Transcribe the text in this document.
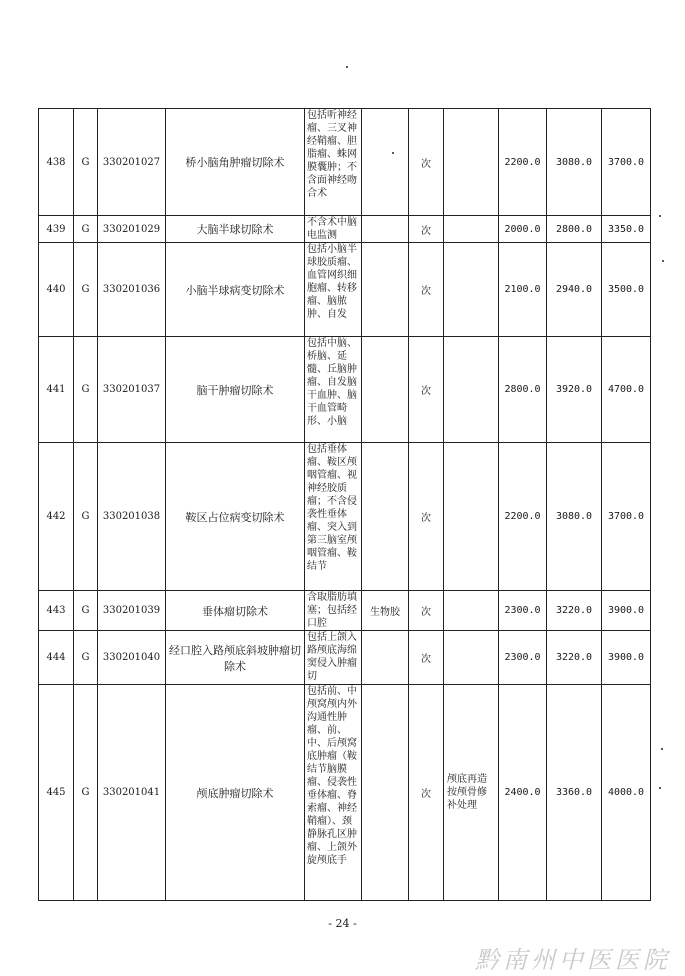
438	G	330201027	桥小脑角肿瘤切除术	包括听神经瘤、三叉神经鞘瘤、胆脂瘤、蛛网膜囊肿；不含面神经吻合术		次		2200.0	3080.0	3700.0
439	G	330201029	大脑半球切除术	不含术中脑电监测		次		2000.0	2800.0	3350.0
440	G	330201036	小脑半球病变切除术	包括小脑半球胶质瘤、血管网织细胞瘤、转移瘤、脑脓肿、自发		次		2100.0	2940.0	3500.0
441	G	330201037	脑干肿瘤切除术	包括中脑、桥脑、延髓、丘脑肿瘤、自发脑干血肿、脑干血管畸形、小脑		次		2800.0	3920.0	4700.0
442	G	330201038	鞍区占位病变切除术	包括垂体瘤、鞍区颅咽管瘤、视神经胶质瘤；不含侵袭性垂体瘤、突入到第三脑室颅咽管瘤、鞍结节		次		2200.0	3080.0	3700.0
443	G	330201039	垂体瘤切除术	含取脂肪填塞；包括经口腔	生物胶	次		2300.0	3220.0	3900.0
444	G	330201040	经口腔入路颅底斜坡肿瘤切除术	包括上颌入路颅底海绵窦侵入肿瘤切		次		2300.0	3220.0	3900.0
445	G	330201041	颅底肿瘤切除术	包括前、中颅窝颅内外沟通性肿瘤、前、中、后颅窝底肿瘤（鞍结节脑膜瘤、侵袭性垂体瘤、脊索瘤、神经鞘瘤）、颈静脉孔区肿瘤、上颌外旋颅底手		次	颅底再造按颅骨修补处理	2400.0	3360.0	4000.0
- 24 -
黔南州中医医院
